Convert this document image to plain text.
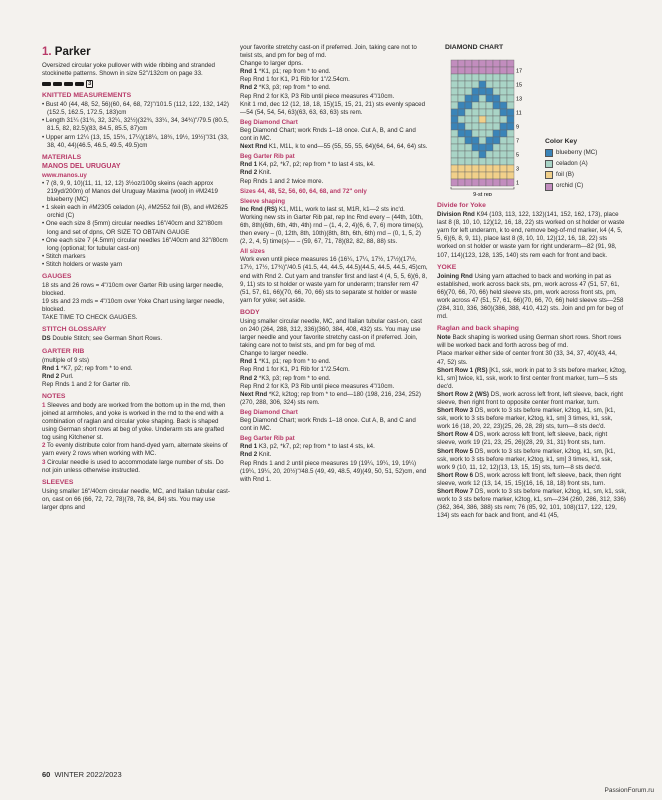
1. Parker

Oversized circular yoke pullover with wide ribbing and stranded stockinette patterns. Shown in size 52"/132cm on page 33.

3
KNITTED MEASUREMENTS

• Bust 40 (44, 48, 52, 56)(60, 64, 68, 72)"/101.5 (112, 122, 132, 142)(152.5, 162.5, 172.5, 183)cm

• Length 31¼ (31¾, 32, 32¼, 32½)(32¾, 33¼, 34, 34¾)"/79.5 (80.5, 81.5, 82, 82.5)(83, 84.5, 85.5, 87)cm

• Upper arm 12¼ (13, 15, 15¾, 17¼)(18¼, 18¾, 19½, 19½)"/31 (33, 38, 40, 44)(46.5, 46.5, 49.5, 49.5)cm

MATERIALS
MANOS DEL URUGUAY

www.manos.uy

• 7 (8, 9, 9, 10)(11, 11, 12, 12) 3½oz/100g skeins (each approx 219yd/200m) of Manos del Uruguay Maxima (wool) in #M2419 blueberry (MC)

• 1 skein each in #M2305 celadon (A), #M2552 foil (B), and #M2625 orchid (C)

• One each size 8 (5mm) circular needles 16"/40cm and 32"/80cm long and set of dpns, OR SIZE TO OBTAIN GAUGE

• One each size 7 (4.5mm) circular needles 16"/40cm and 32"/80cm long (optional; for tubular cast-on)

• Stitch markers

• Stitch holders or waste yarn

GAUGES

18 sts and 26 rows = 4"/10cm over Garter Rib using larger needle, blocked.

19 sts and 23 rnds = 4"/10cm over Yoke Chart using larger needle, blocked.

TAKE TIME TO CHECK GAUGES.

STITCH GLOSSARY

DS Double Stitch; see German Short Rows.

GARTER RIB

(multiple of 9 sts)

Rnd 1 *K7, p2; rep from * to end.

Rnd 2 Purl.

Rep Rnds 1 and 2 for Garter rib.

NOTES

1 Sleeves and body are worked from the bottom up in the rnd, then joined at armholes, and yoke is worked in the rnd to the end with a combination of raglan and circular yoke shaping. Back is shaped using German short rows at beg of yoke. Underarm sts are grafted tog using Kitchener st.

2 To evenly distribute color from hand-dyed yarn, alternate skeins of yarn every 2 rows when working with MC.

3 Circular needle is used to accommodate large number of sts. Do not join unless otherwise instructed.

SLEEVES

Using smaller 16"/40cm circular needle, MC, and Italian tubular cast-on, cast on 66 (66, 72, 72, 78)(78, 78, 84, 84) sts. You may use larger dpns and

your favorite stretchy cast-on if preferred. Join, taking care not to twist sts, and pm for beg of rnd.

Change to larger dpns.

Rnd 1 *K1, p1; rep from * to end.

Rep Rnd 1 for K1, P1 Rib for 1"/2.54cm.

Rnd 2 *K3, p3; rep from * to end.

Rep Rnd 2 for K3, P3 Rib until piece measures 4"/10cm.

Knit 1 rnd, dec 12 (12, 18, 18, 15)(15, 15, 21, 21) sts evenly spaced—54 (54, 54, 54, 63)(63, 63, 63, 63) sts rem.

Beg Diamond Chart

Beg Diamond Chart; work Rnds 1–18 once. Cut A, B, and C and cont in MC.

Next Rnd K1, M1L, k to end—55 (55, 55, 55, 64)(64, 64, 64, 64) sts.

Beg Garter Rib pat

Rnd 1 K4, p2, *k7, p2; rep from * to last 4 sts, k4.

Rnd 2 Knit.

Rep Rnds 1 and 2 twice more.

Sizes 44, 48, 52, 56, 60, 64, 68, and 72" only
Sleeve shaping

Inc Rnd (RS) K1, M1L, work to last st, M1R, k1—2 sts inc'd.

Working new sts in Garter Rib pat, rep Inc Rnd every – (44th, 10th, 6th, 8th)(6th, 6th, 4th, 4th) rnd – (1, 4, 2, 4)(6, 6, 7, 6) more time(s), then every – (0, 12th, 8th, 10th)(8th, 8th, 6th, 6th) rnd – (0, 1, 5, 2)(2, 2, 4, 5) time(s)— – (59, 67, 71, 78)(82, 82, 88, 88) sts.

All sizes

Work even until piece measures 16 (16¼, 17¼, 17½, 17½)(17½, 17½, 17½, 17¾)"/40.5 (41.5, 44, 44.5, 44.5)(44.5, 44.5, 44.5, 45)cm, end with Rnd 2. Cut yarn and transfer first and last 4 (4, 5, 5, 6)(6, 8, 9, 11) sts to st holder or waste yarn for underarm; transfer rem 47 (51, 57, 61, 66)(70, 66, 70, 66) sts to separate st holder or waste yarn for yoke; set aside.

BODY

Using smaller circular needle, MC, and Italian tubular cast-on, cast on 240 (264, 288, 312, 336)(360, 384, 408, 432) sts. You may use larger needle and your favorite stretchy cast-on if preferred. Join, taking care not to twist sts, and pm for beg of rnd.

Change to larger needle.

Rnd 1 *K1, p1; rep from * to end.

Rep Rnd 1 for K1, P1 Rib for 1"/2.54cm.

Rnd 2 *K3, p3; rep from * to end.

Rep Rnd 2 for K3, P3 Rib until piece measures 4"/10cm.

Next Rnd *K2, k2tog; rep from * to end—180 (198, 216, 234, 252)(270, 288, 306, 324) sts rem.

Beg Diamond Chart

Beg Diamond Chart; work Rnds 1–18 once. Cut A, B, and C and cont in MC.

Beg Garter Rib pat

Rnd 1 K3, p2, *k7, p2; rep from * to last 4 sts, k4.

Rnd 2 Knit.

Rep Rnds 1 and 2 until piece measures 19 (19¼, 19¼, 19, 19¼)(19¼, 19¼, 20, 20½)"/48.5 (49, 49, 48.5, 49)(49, 50, 51, 52)cm, end with Rnd 1.

DIAMOND CHART
17
15
13
11
9
7
5
3
1
9-st rep
Color Key
blueberry (MC)
celadon (A)
foil (B)
orchid (C)
Divide for Yoke

Division Rnd K94 (103, 113, 122, 132)(141, 152, 162, 173), place last 8 (8, 10, 10, 12)(12, 16, 18, 22) sts worked on st holder or waste yarn for left underarm, k to end, remove beg-of-rnd marker, k4 (4, 5, 5, 6)(6, 8, 9, 11), place last 8 (8, 10, 10, 12)(12, 16, 18, 22) sts worked on st holder or waste yarn for right underarm—82 (91, 98, 107, 114)(123, 128, 135, 140) sts rem each for front and back.

YOKE

Joining Rnd Using yarn attached to back and working in pat as established, work across back sts, pm, work across 47 (51, 57, 61, 66)(70, 66, 70, 66) held sleeve sts, pm, work across front sts, pm, work across 47 (51, 57, 61, 66)(70, 66, 70, 66) held sleeve sts—258 (284, 310, 336, 360)(386, 388, 410, 412) sts. Join and pm for beg of rnd.

Raglan and back shaping

Note Back shaping is worked using German short rows. Short rows will be worked back and forth across beg of rnd.

Place marker either side of center front 30 (33, 34, 37, 40)(43, 44, 47, 52) sts.

Short Row 1 (RS) [K1, ssk, work in pat to 3 sts before marker, k2tog, k1, sm] twice, k1, ssk, work to first center front marker, turn—5 sts dec'd.

Short Row 2 (WS) DS, work across left front, left sleeve, back, right sleeve, then right front to opposite center front marker, turn.

Short Row 3 DS, work to 3 sts before marker, k2tog, k1, sm, [k1, ssk, work to 3 sts before marker, k2tog, k1, sm] 3 times, k1, ssk, work 16 (18, 20, 22, 23)(25, 26, 28, 28) sts, turn—8 sts dec'd.

Short Row 4 DS, work across left front, left sleeve, back, right sleeve, work 19 (21, 23, 25, 26)(28, 29, 31, 31) front sts, turn.

Short Row 5 DS, work to 3 sts before marker, k2tog, k1, sm, [k1, ssk, work to 3 sts before marker, k2tog, k1, sm] 3 times, k1, ssk, work 9 (10, 11, 12, 12)(13, 13, 15, 15) sts, turn—8 sts dec'd.

Short Row 6 DS, work across left front, left sleeve, back, then right sleeve, work 12 (13, 14, 15, 15)(16, 16, 18, 18) front sts, turn.

Short Row 7 DS, work to 3 sts before marker, k2tog, k1, sm, k1, ssk, work to 3 sts before marker, k2tog, k1, sm—234 (260, 286, 312, 336)(362, 364, 386, 388) sts rem; 76 (85, 92, 101, 108)(117, 122, 129, 134) sts each for back and front, and 41 (45,

60 WINTER 2022/2023
PassionForum.ru
